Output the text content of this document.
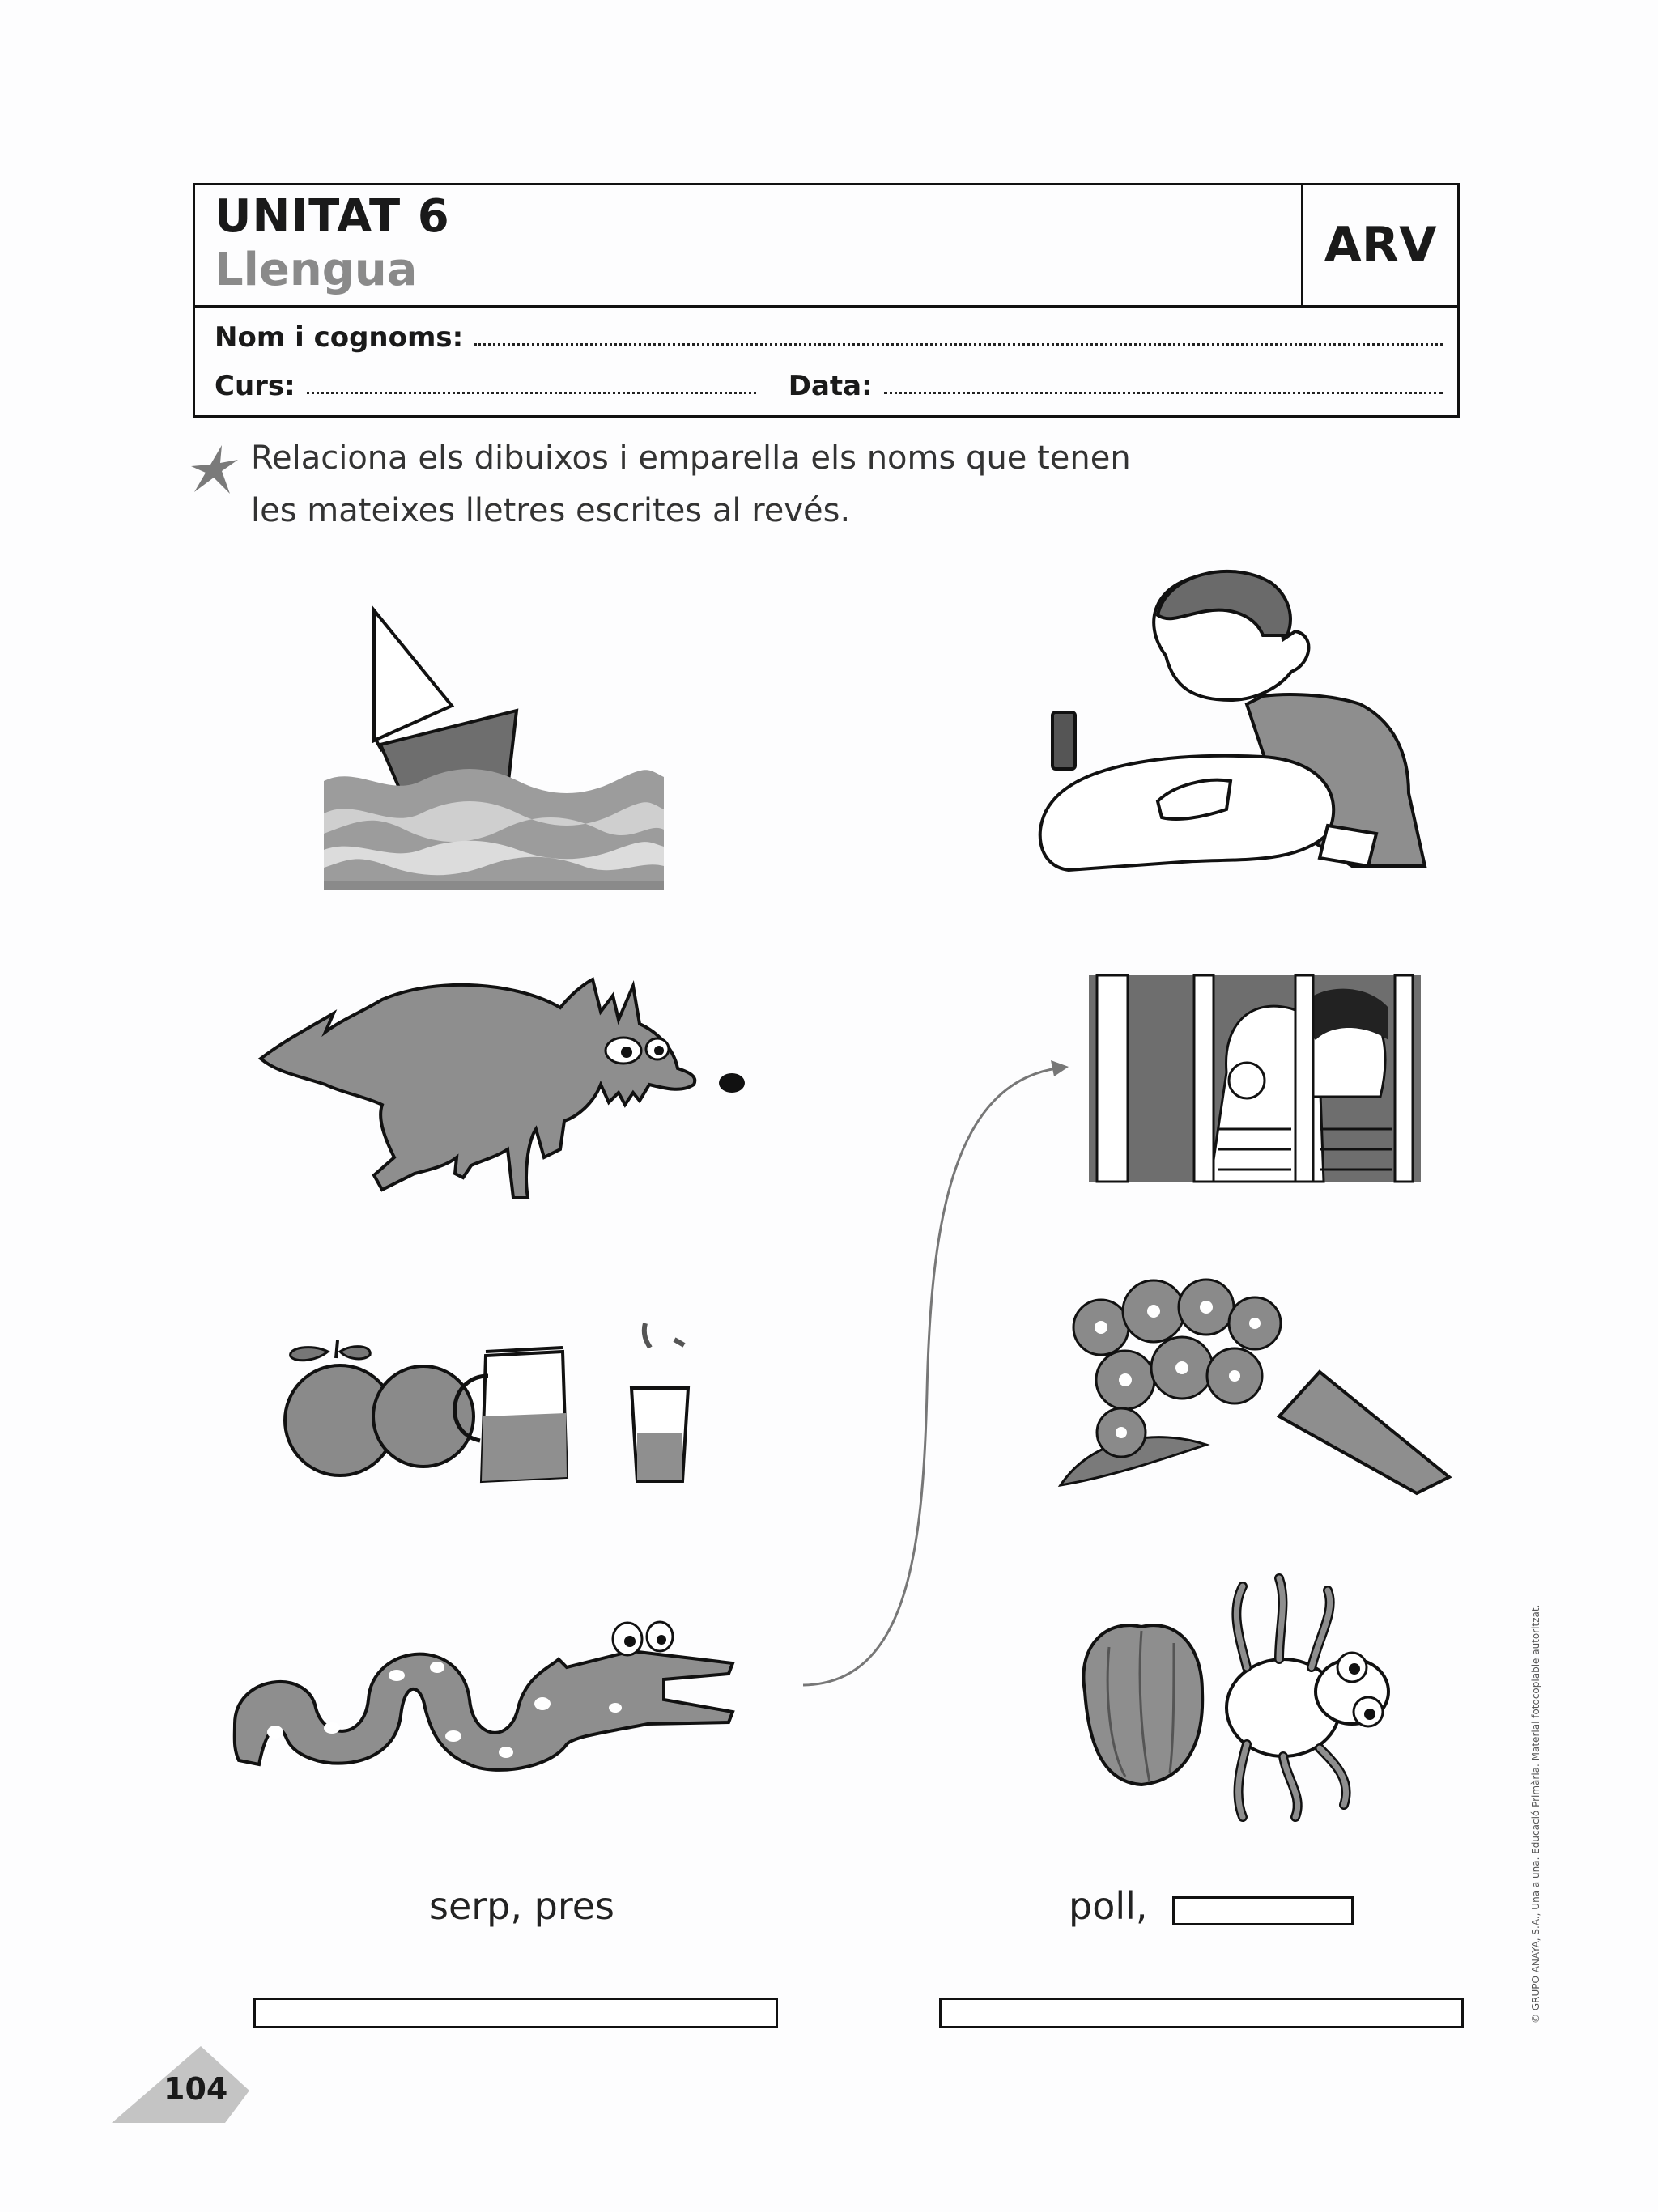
UNITAT 6
Llengua	ARV
Nom i cognoms:
Curs:	Data:
Relaciona els dibuixos i emparella els noms que tenen
les mateixes lletres escrites al revés.
serp, pres	poll,
104
© GRUPO ANAYA, S.A., Una a una. Educació Primària. Material fotocopiable autoritzat.
